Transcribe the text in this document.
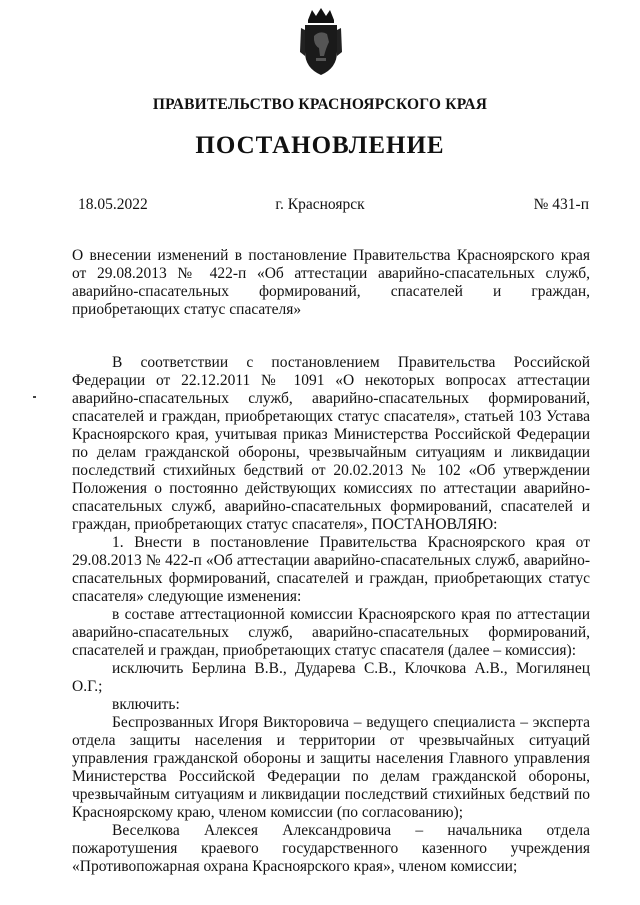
ПРАВИТЕЛЬСТВО КРАСНОЯРСКОГО КРАЯ
ПОСТАНОВЛЕНИЕ
18.05.2022	г. Красноярск	№ 431-п
О внесении изменений в постановление Правительства Красноярского края от 29.08.2013 № 422-п «Об аттестации аварийно-спасательных служб, аварийно-спасательных формирований, спасателей и граждан, приобретающих статус спасателя»

В соответствии с постановлением Правительства Российской Федерации от 22.12.2011 № 1091 «О некоторых вопросах аттестации аварийно-спасательных служб, аварийно-спасательных формирований, спасателей и граждан, приобретающих статус спасателя», статьей 103 Устава Красноярского края, учитывая приказ Министерства Российской Федерации по делам гражданской обороны, чрезвычайным ситуациям и ликвидации последствий стихийных бедствий от 20.02.2013 № 102 «Об утверждении Положения о постоянно действующих комиссиях по аттестации аварийно-спасательных служб, аварийно-спасательных формирований, спасателей и граждан, приобретающих статус спасателя», ПОСТАНОВЛЯЮ:

1. Внести в постановление Правительства Красноярского края от 29.08.2013 № 422-п «Об аттестации аварийно-спасательных служб, аварийно-спасательных формирований, спасателей и граждан, приобретающих статус спасателя» следующие изменения:

в составе аттестационной комиссии Красноярского края по аттестации аварийно-спасательных служб, аварийно-спасательных формирований, спасателей и граждан, приобретающих статус спасателя (далее – комиссия):

исключить Берлина В.В., Дударева С.В., Клочкова А.В., Могилянец О.Г.;

включить:

Беспрозванных Игоря Викторовича – ведущего специалиста – эксперта отдела защиты населения и территории от чрезвычайных ситуаций управления гражданской обороны и защиты населения Главного управления Министерства Российской Федерации по делам гражданской обороны, чрезвычайным ситуациям и ликвидации последствий стихийных бедствий по Красноярскому краю, членом комиссии (по согласованию);

Веселкова Алексея Александровича – начальника отдела пожаротушения краевого государственного казенного учреждения «Противопожарная охрана Красноярского края», членом комиссии;
